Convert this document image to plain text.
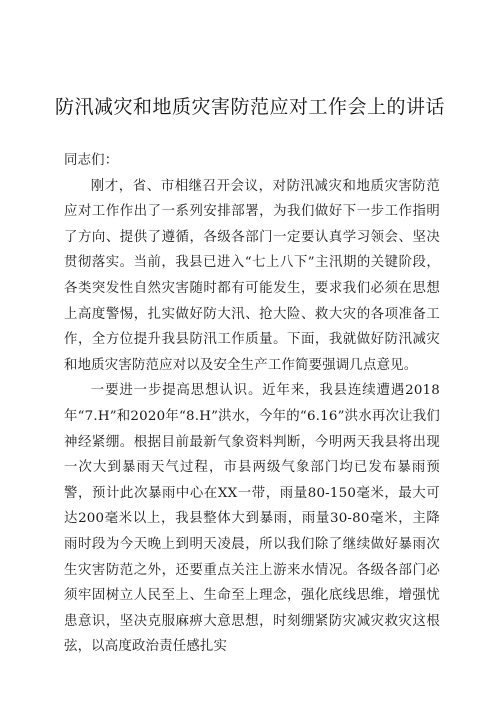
防汛减灾和地质灾害防范应对工作会上的讲话

同志们：

刚才，省、市相继召开会议，对防汛减灾和地质灾害防范应对工作作出了一系列安排部署，为我们做好下一步工作指明了方向、提供了遵循，各级各部门一定要认真学习领会、坚决贯彻落实。当前，我县已进入“七上八下”主汛期的关键阶段，各类突发性自然灾害随时都有可能发生，要求我们必须在思想上高度警惕，扎实做好防大汛、抢大险、救大灾的各项准备工作，全方位提升我县防汛工作质量。下面，我就做好防汛减灾和地质灾害防范应对以及安全生产工作简要强调几点意见。

一要进一步提高思想认识。近年来，我县连续遭遇2018年“7.H”和2020年“8.H”洪水，今年的“6.16”洪水再次让我们神经紧绷。根据目前最新气象资料判断，今明两天我县将出现一次大到暴雨天气过程，市县两级气象部门均已发布暴雨预警，预计此次暴雨中心在XX一带，雨量80-150毫米，最大可达200毫米以上，我县整体大到暴雨，雨量30-80毫米，主降雨时段为今天晚上到明天凌晨，所以我们除了继续做好暴雨次生灾害防范之外，还要重点关注上游来水情况。各级各部门必须牢固树立人民至上、生命至上理念，强化底线思维，增强忧患意识，坚决克服麻痹大意思想，时刻绷紧防灾减灾救灾这根弦，以高度政治责任感扎实
